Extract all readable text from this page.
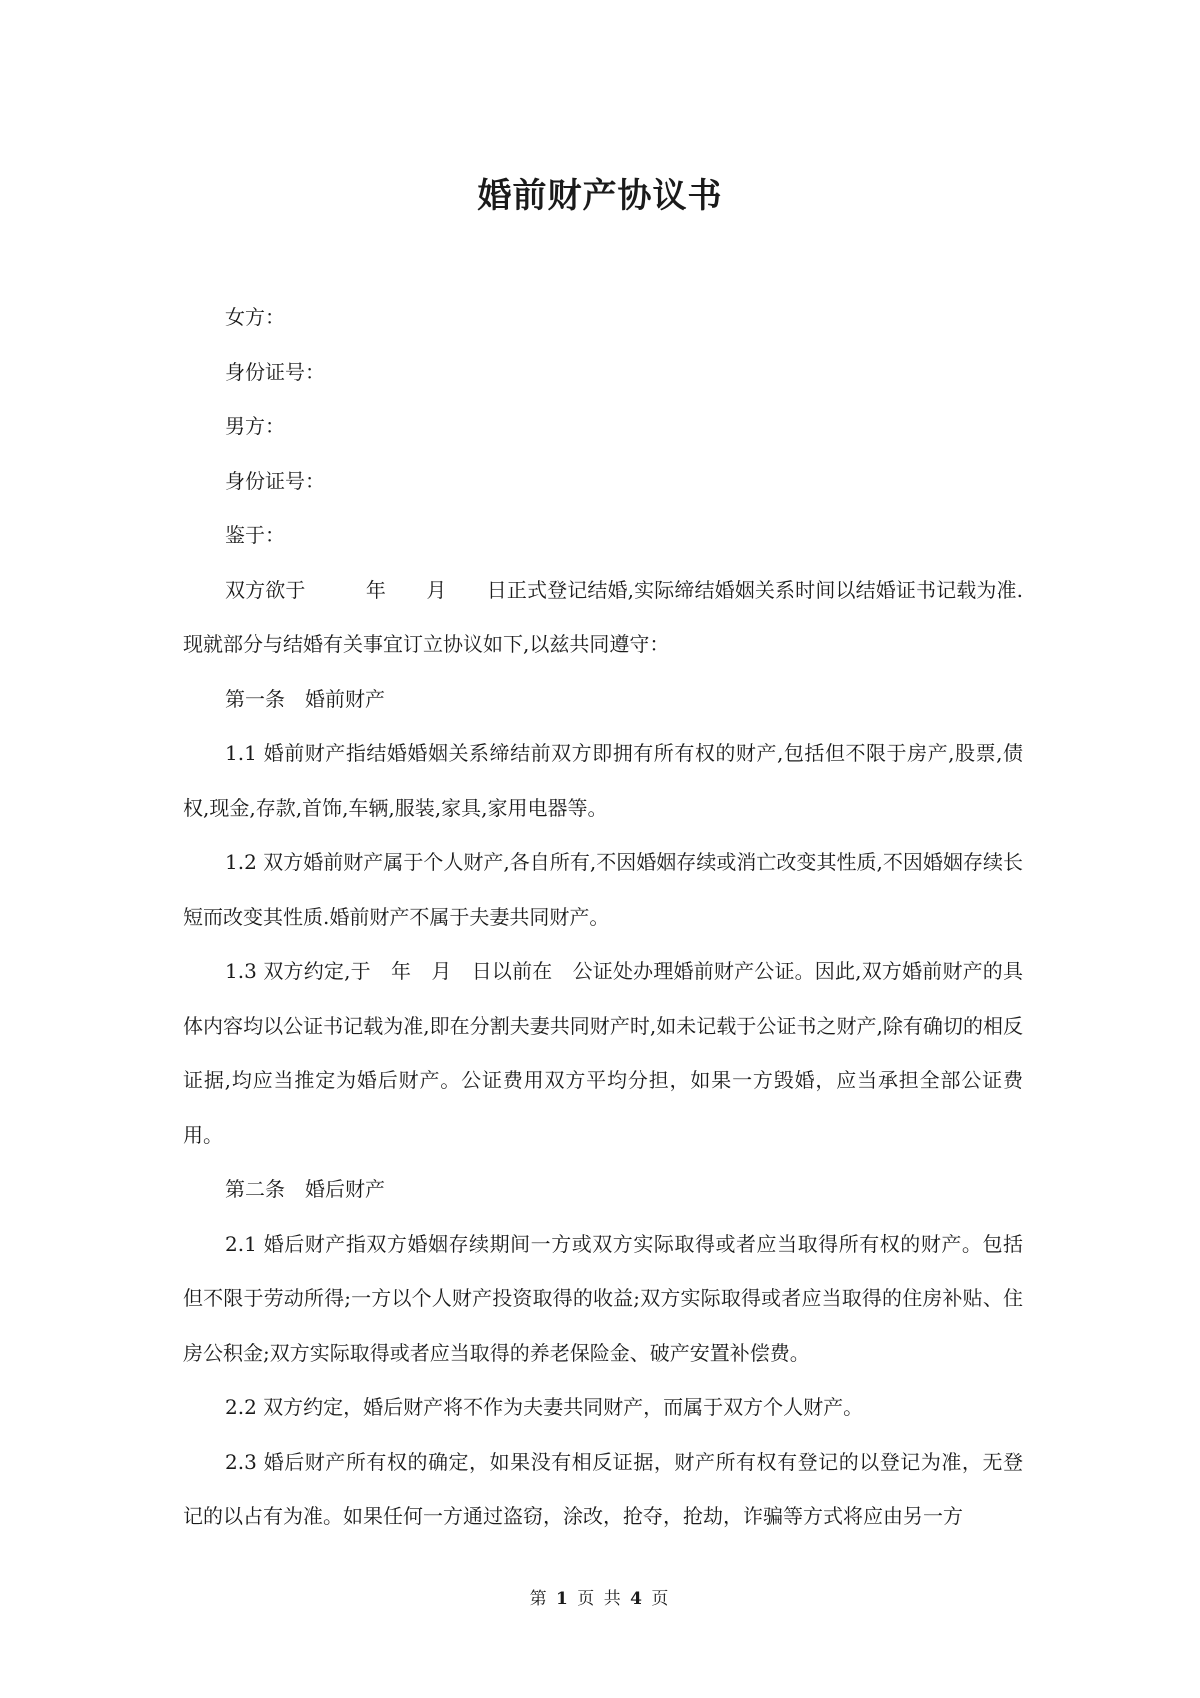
婚前财产协议书

女方：

身份证号：

男方：

身份证号：

鉴于：

双方欲于　　　年　　月　　日正式登记结婚,实际缔结婚姻关系时间以结婚证书记载为准.现就部分与结婚有关事宜订立协议如下,以兹共同遵守：

第一条　婚前财产

1.1 婚前财产指结婚婚姻关系缔结前双方即拥有所有权的财产,包括但不限于房产,股票,债权,现金,存款,首饰,车辆,服装,家具,家用电器等。

1.2 双方婚前财产属于个人财产,各自所有,不因婚姻存续或消亡改变其性质,不因婚姻存续长短而改变其性质.婚前财产不属于夫妻共同财产。

1.3 双方约定,于　年　月　日以前在　公证处办理婚前财产公证。因此,双方婚前财产的具体内容均以公证书记载为准,即在分割夫妻共同财产时,如未记载于公证书之财产,除有确切的相反证据,均应当推定为婚后财产。公证费用双方平均分担，如果一方毁婚，应当承担全部公证费用。

第二条　婚后财产

2.1 婚后财产指双方婚姻存续期间一方或双方实际取得或者应当取得所有权的财产。包括但不限于劳动所得;一方以个人财产投资取得的收益;双方实际取得或者应当取得的住房补贴、住房公积金;双方实际取得或者应当取得的养老保险金、破产安置补偿费。

2.2 双方约定，婚后财产将不作为夫妻共同财产，而属于双方个人财产。

2.3 婚后财产所有权的确定，如果没有相反证据，财产所有权有登记的以登记为准，无登记的以占有为准。如果任何一方通过盗窃，涂改，抢夺，抢劫，诈骗等方式将应由另一方

第 1 页 共 4 页
